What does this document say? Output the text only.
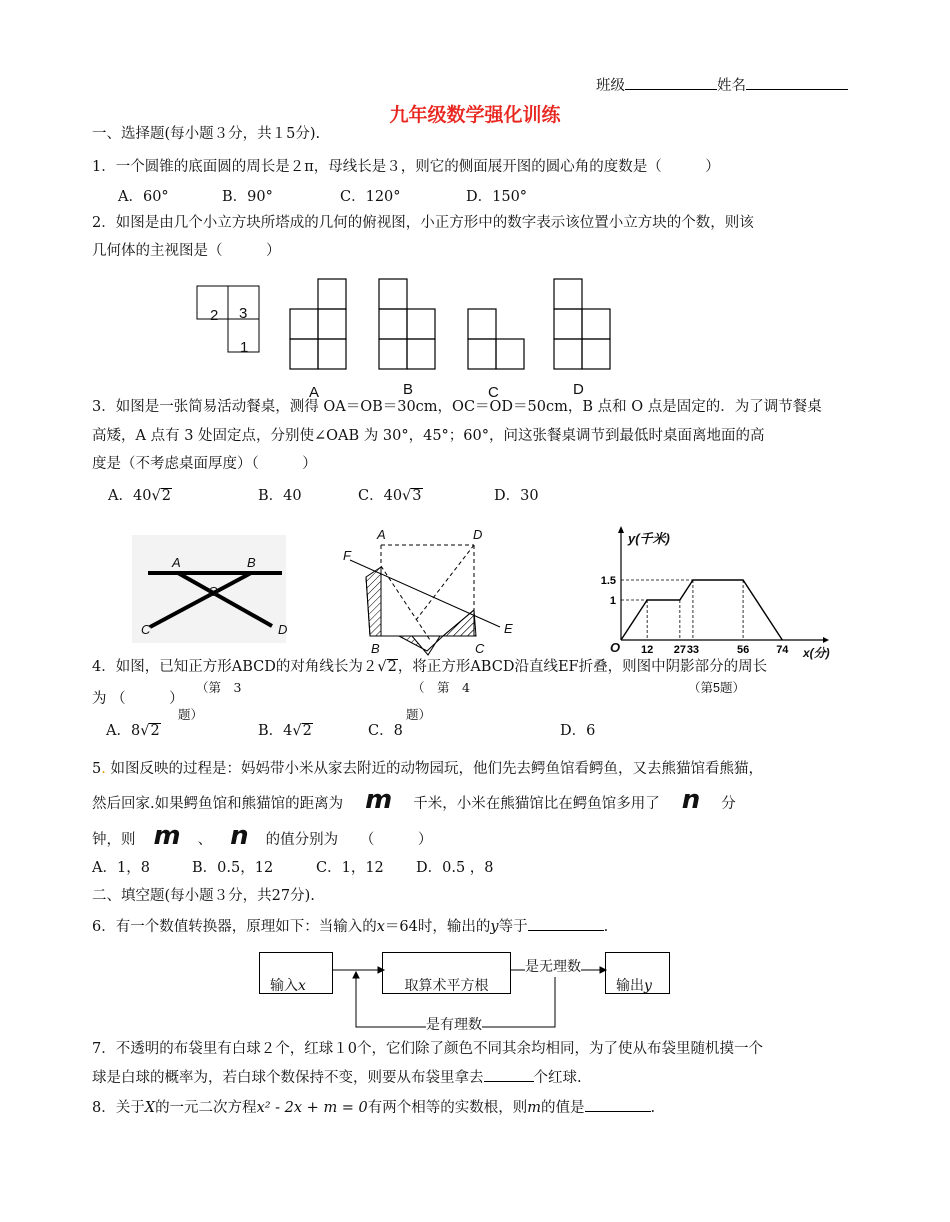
班级	姓名
九年级数学强化训练
一、选择题(每小题３分，共１5分).
1．一个圆锥的底面圆的周长是２π，母线长是３，则它的侧面展开图的圆心角的度数是（　　　）
A．60°	B．90°	C．120°	D．150°
2．如图是由几个小立方块所塔成的几何的俯视图，小正方形中的数字表示该位置小立方块的个数，则该
几何体的主视图是（　　　）
2 3
1
A	B	C	D
3．如图是一张简易活动餐桌，测得 OA＝OB＝30cm，OC＝OD＝50cm，B 点和 O 点是固定的．为了调节餐桌
高矮，A 点有 3 处固定点，分别使∠OAB 为 30°，45°；60°，问这张餐桌调节到最低时桌面离地面的高
度是（不考虑桌面厚度）（　　　）
A．40√2	B．40	C．40√3	D．30
A	B
O
C	D
（第　3
题）
A	D
F
B	C
E
（　第　4
题）
12 27 33	56 74
1.5
1
y(千米)
x(分)
O
（第5题）
4．如图，已知正方形ABCD的对角线长为２√2，将正方形ABCD沿直线EF折叠，则图中阴影部分的周长
为 （　　　）
A．8√2	B．4√2	C．8	D．6
5. 如图反映的过程是：妈妈带小米从家去附近的动物园玩，他们先去鳄鱼馆看鳄鱼，又去熊猫馆看熊猫，
然后回家.如果鳄鱼馆和熊猫馆的距离为 m 千米，小米在熊猫馆比在鳄鱼馆多用了 n 分
钟，则 m 、 n 的值分别为　　（　　　）
A．1，8	B．0.5，12	C．1，12 D．0.5 ，8
二、填空题(每小题３分，共27分).
6．有一个数值转换器，原理如下：当输入的x＝64时，输出的y等于	.
输入x	取算术平方根
是无理数
输出y
是有理数
7．不透明的布袋里有白球２个，红球１0个，它们除了颜色不同其余均相同，为了使从布袋里随机摸一个
球是白球的概率为，若白球个数保持不变，则要从布袋里拿去	个红球.
8．关于X的一元二次方程x² - 2x + m = 0有两个相等的实数根，则m的值是	.
